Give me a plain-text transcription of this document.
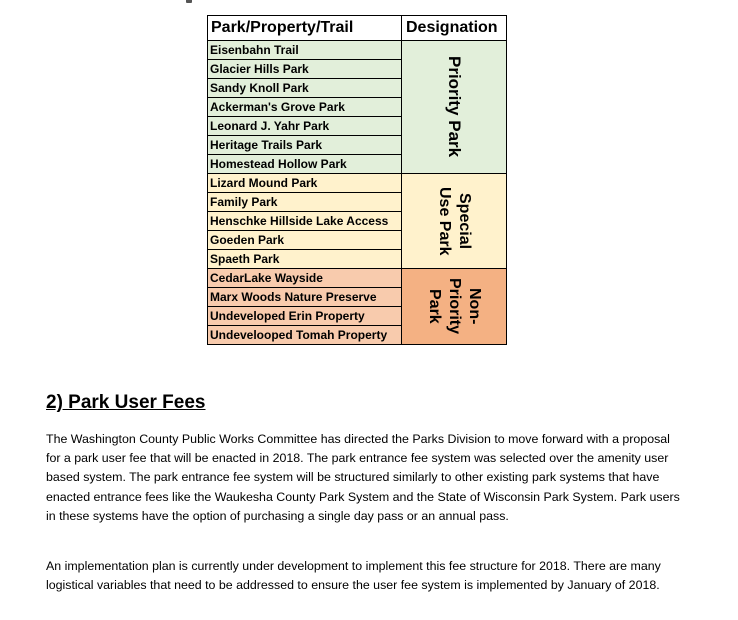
Park/Property/Trail	Designation
Eisenbahn Trail	Priority Park

Glacier Hills Park	
Sandy Knoll Park	
Ackerman's Grove Park	
Leonard J. Yahr Park	
Heritage Trails Park	
Homestead Hollow Park	
Lizard Mound Park	Special
Use Park

Family Park	
Henschke Hillside Lake Access	
Goeden Park	
Spaeth Park	
CedarLake Wayside	Non-
Priority
Park

Marx Woods Nature Preserve	
Undeveloped Erin Property	
Undevelooped Tomah Property	
2) Park User Fees

The Washington County Public Works Committee has directed the Parks Division to move forward with a proposal for a park user fee that will be enacted in 2018. The park entrance fee system was selected over the amenity user based system. The park entrance fee system will be structured similarly to other existing park systems that have enacted entrance fees like the Waukesha County Park System and the State of Wisconsin Park System. Park users in these systems have the option of purchasing a single day pass or an annual pass.

An implementation plan is currently under development to implement this fee structure for 2018. There are many logistical variables that need to be addressed to ensure the user fee system is implemented by January of 2018.
